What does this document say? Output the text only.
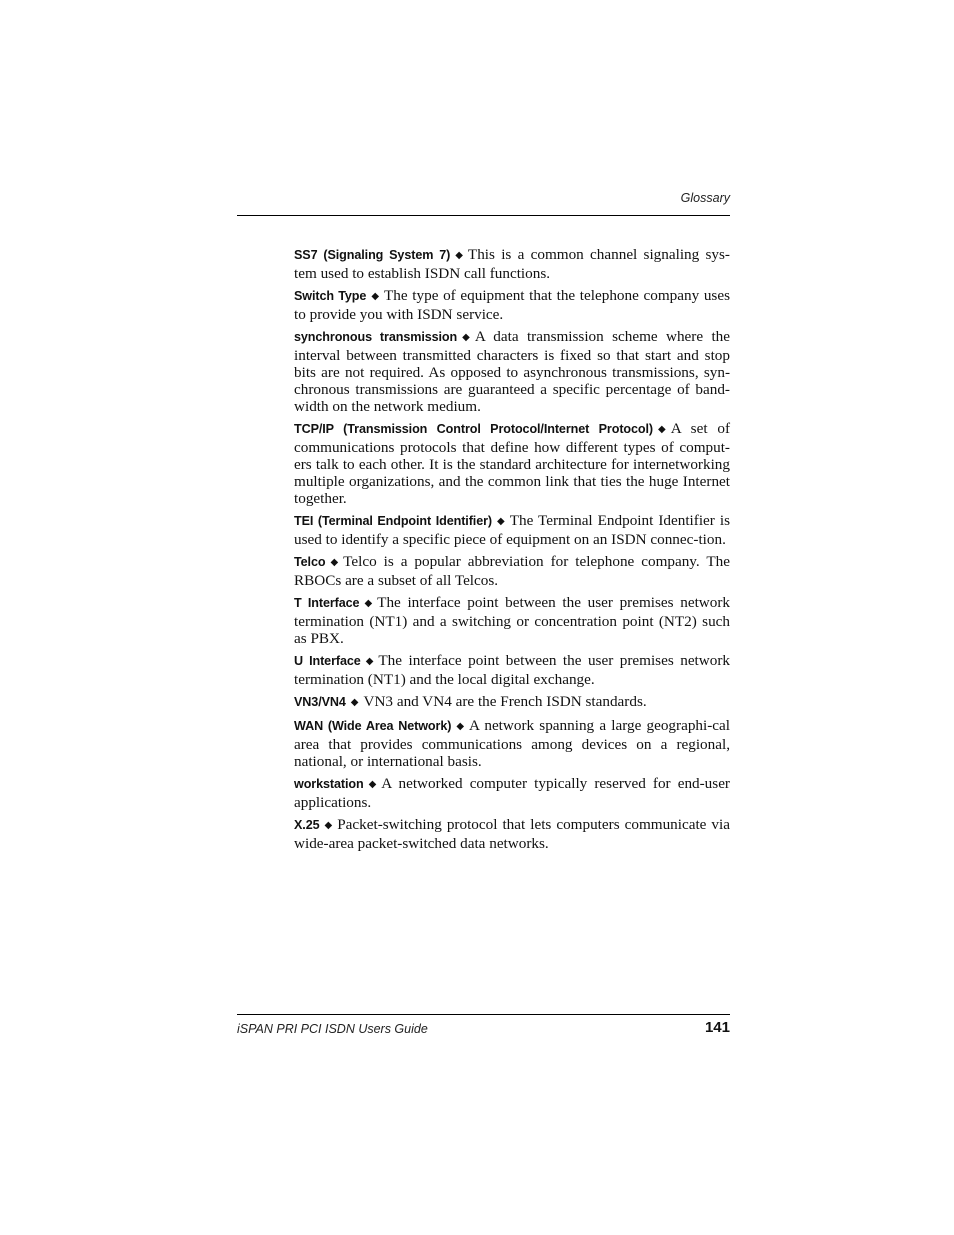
Glossary

SS7 (Signaling System 7) ◆ This is a common channel signaling sys-tem used to establish ISDN call functions.

Switch Type ◆ The type of equipment that the telephone company uses to provide you with ISDN service.

synchronous transmission ◆ A data transmission scheme where the interval between transmitted characters is fixed so that start and stop bits are not required. As opposed to asynchronous transmissions, syn-chronous transmissions are guaranteed a specific percentage of band-width on the network medium.

TCP/IP (Transmission Control Protocol/Internet Protocol) ◆ A set of communications protocols that define how different types of comput-ers talk to each other. It is the standard architecture for internetworking multiple organizations, and the common link that ties the huge Internet together.

TEI (Terminal Endpoint Identifier) ◆ The Terminal Endpoint Identifier is used to identify a specific piece of equipment on an ISDN connec-tion.

Telco ◆ Telco is a popular abbreviation for telephone company. The RBOCs are a subset of all Telcos.

T Interface ◆ The interface point between the user premises network termination (NT1) and a switching or concentration point (NT2) such as PBX.

U Interface ◆ The interface point between the user premises network termination (NT1) and the local digital exchange.

VN3/VN4 ◆ VN3 and VN4 are the French ISDN standards.

WAN (Wide Area Network) ◆ A network spanning a large geographi-cal area that provides communications among devices on a regional, national, or international basis.

workstation ◆ A networked computer typically reserved for end-user applications.

X.25 ◆ Packet-switching protocol that lets computers communicate via wide-area packet-switched data networks.

iSPAN PRI PCI ISDN Users Guide	141
